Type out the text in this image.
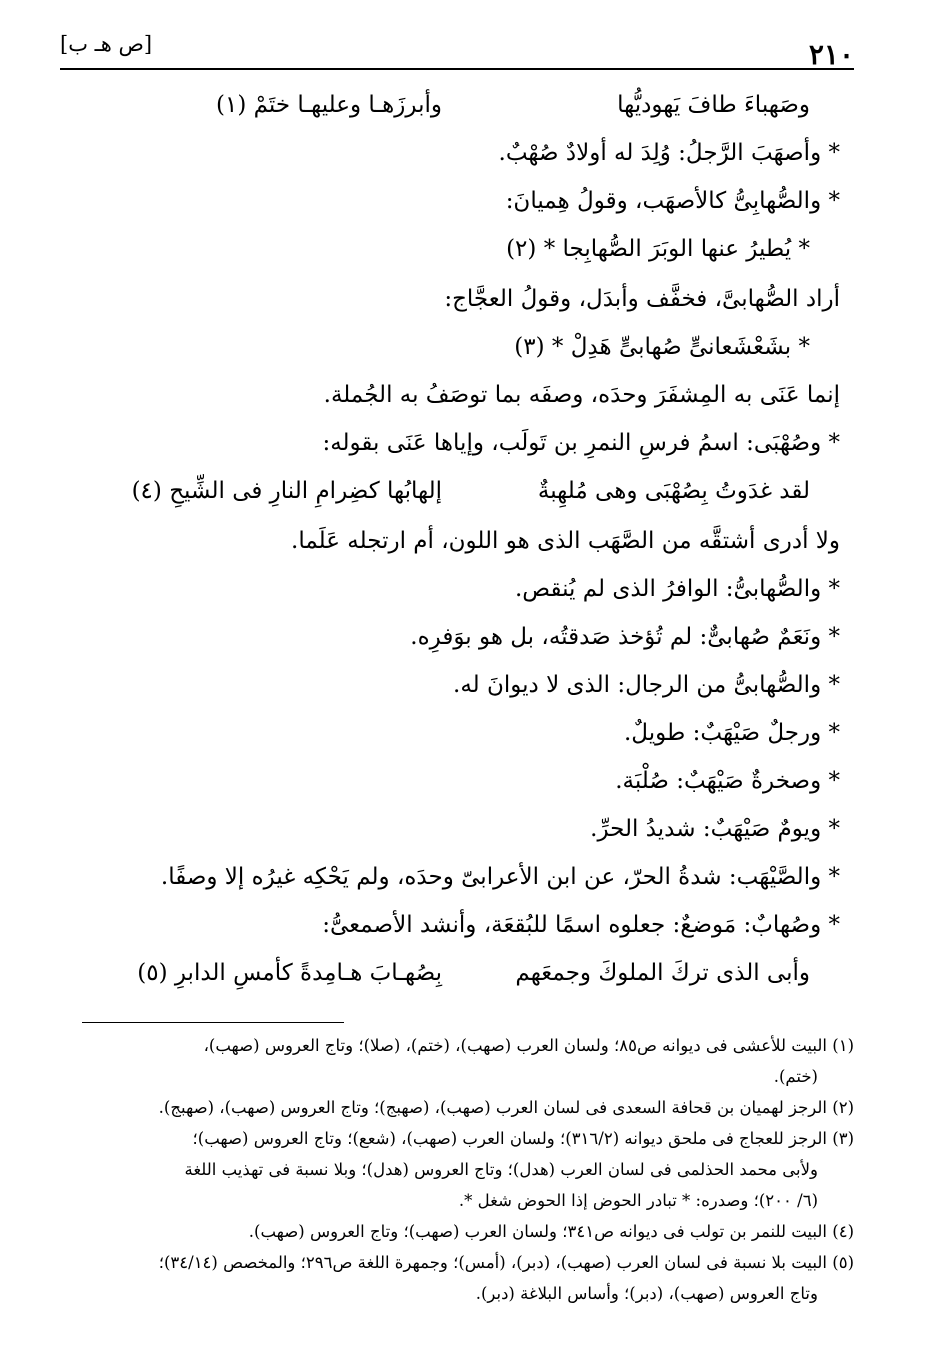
٢١٠
[ص هـ ب]
وصَهباءَ طافَ يَهوديُّها
وأبرزَهـا وعليهـا ختَمْ (١)
* وأصهَبَ الرَّجلُ: وُلِدَ له أولادٌ صُهْبٌ.
* والصُّهابِىُّ كالأصهَب، وقولُ هِميانَ:
* يُطيرُ عنها الوبَرَ الصُّهابِجا * (٢)
أراد الصُّهابىَّ، فخفَّف وأبدَل، وقولُ العجَّاج:
* بشَعْشَعانىٍّ صُهابىٍّ هَدِلْ * (٣)
إنما عَنَى به المِشفَرَ وحدَه، وصفَه بما توصَفُ به الجُملة.
* وصُهْبَى: اسمُ فرسِ النمرِ بن تَولَب، وإياها عَنَى بقوله:
لقد غدَوتُ بِصُهْبَى وهى مُلهِبةٌ
إلهابُها كضِرامِ النارِ فى الشِّيحِ (٤)
ولا أدرى أشتقَّه من الصَّهَب الذى هو اللون، أم ارتجله عَلَما.
* والصُّهابىُّ: الوافرُ الذى لم يُنقص.
* ونَعَمٌ صُهابىٌّ: لم تُؤخذ صَدقتُه، بل هو بوَفرِه.
* والصُّهابىُّ من الرجال: الذى لا ديوانَ له.
* ورجلٌ صَيْهَبٌ: طويلٌ.
* وصخرةٌ صَيْهَبٌ: صُلْبَة.
* ويومٌ صَيْهَبٌ: شديدُ الحرِّ.
* والصَّيْهَب: شدةُ الحرّ، عن ابن الأعرابىّ وحدَه، ولم يَحْكِه غيرُه إلا وصفًا.
* وصُهابٌ: مَوضعٌ: جعلوه اسمًا للبُقعَة، وأنشد الأصمعىُّ:
وأبى الذى تركَ الملوكَ وجمعَهم
بِصُهـابَ هـامِدةً كأمسِ الدابرِ (٥)
(١) البيت للأعشى فى ديوانه ص٨٥؛ ولسان العرب (صهب)، (ختم)، (صلا)؛ وتاج العروس (صهب)،
(ختم).
(٢) الرجز لهميان بن قحافة السعدى فى لسان العرب (صهب)، (صهبج)؛ وتاج العروس (صهب)، (صهبج).
(٣) الرجز للعجاج فى ملحق ديوانه (٣١٦/٢)؛ ولسان العرب (صهب)، (شعع)؛ وتاج العروس (صهب)؛
ولأبى محمد الحذلمى فى لسان العرب (هدل)؛ وتاج العروس (هدل)؛ وبلا نسبة فى تهذيب اللغة
(٦/ ٢٠٠)؛ وصدره: * تبادر الحوض إذا الحوض شغل *.
(٤) البيت للنمر بن تولب فى ديوانه ص٣٤١؛ ولسان العرب (صهب)؛ وتاج العروس (صهب).
(٥) البيت بلا نسبة فى لسان العرب (صهب)، (دبر)، (أمس)؛ وجمهرة اللغة ص٢٩٦؛ والمخصص (٣٤/١٤)؛
وتاج العروس (صهب)، (دبر)؛ وأساس البلاغة (دبر).
